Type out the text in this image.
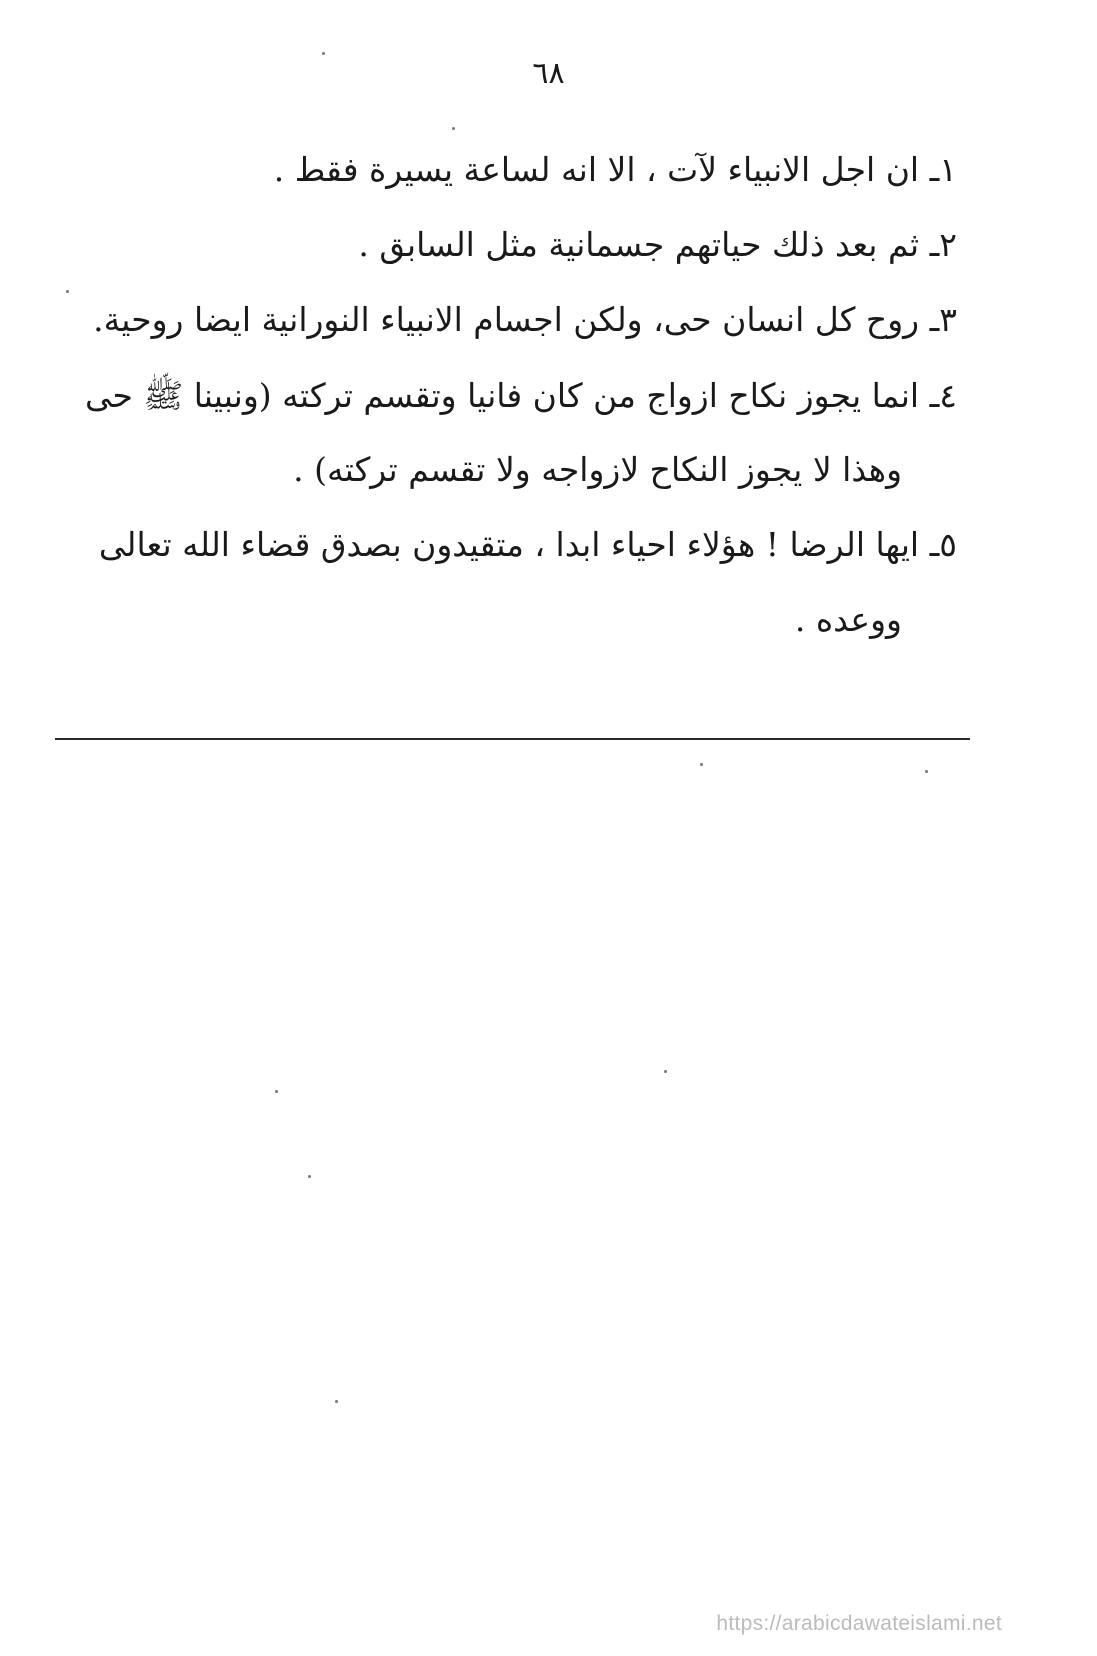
٦٨
١ـ ان اجل الانبياء لآت ، الا انه لساعة يسيرة فقط .
٢ـ ثم بعد ذلك حياتهم جسمانية مثل السابق .
٣ـ روح كل انسان حى، ولكن اجسام الانبياء النورانية ايضا روحية.
٤ـ انما يجوز نكاح ازواج من كان فانيا وتقسم تركته (ونبينا ﷺ حى
وهذا لا يجوز النكاح لازواجه ولا تقسم تركته) .
٥ـ ايها الرضا ! هؤلاء احياء ابدا ، متقيدون بصدق قضاء الله تعالى
ووعده .
https://arabicdawateislami.net
